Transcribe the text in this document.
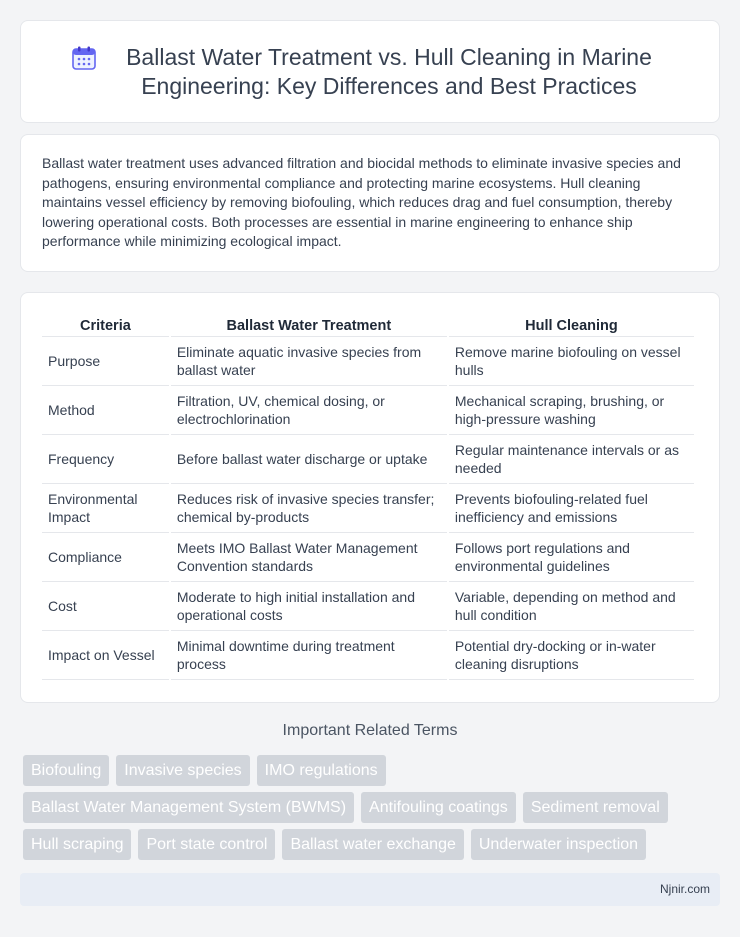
Ballast Water Treatment vs. Hull Cleaning in Marine Engineering: Key Differences and Best Practices

Ballast water treatment uses advanced filtration and biocidal methods to eliminate invasive species and pathogens, ensuring environmental compliance and protecting marine ecosystems. Hull cleaning maintains vessel efficiency by removing biofouling, which reduces drag and fuel consumption, thereby lowering operational costs. Both processes are essential in marine engineering to enhance ship performance while minimizing ecological impact.

Criteria	Ballast Water Treatment	Hull Cleaning
Purpose	Eliminate aquatic invasive species from ballast water	Remove marine biofouling on vessel hulls
Method	Filtration, UV, chemical dosing, or electrochlorination	Mechanical scraping, brushing, or high-pressure washing
Frequency	Before ballast water discharge or uptake	Regular maintenance intervals or as needed
Environmental Impact	Reduces risk of invasive species transfer; chemical by-products	Prevents biofouling-related fuel inefficiency and emissions
Compliance	Meets IMO Ballast Water Management Convention standards	Follows port regulations and environmental guidelines
Cost	Moderate to high initial installation and operational costs	Variable, depending on method and hull condition
Impact on Vessel	Minimal downtime during treatment process	Potential dry-docking or in-water cleaning disruptions
Important Related Terms
Biofouling	Invasive species	IMO regulations
Ballast Water Management System (BWMS)	Antifouling coatings	Sediment removal
Hull scraping	Port state control	Ballast water exchange	Underwater inspection
Njnir.com
